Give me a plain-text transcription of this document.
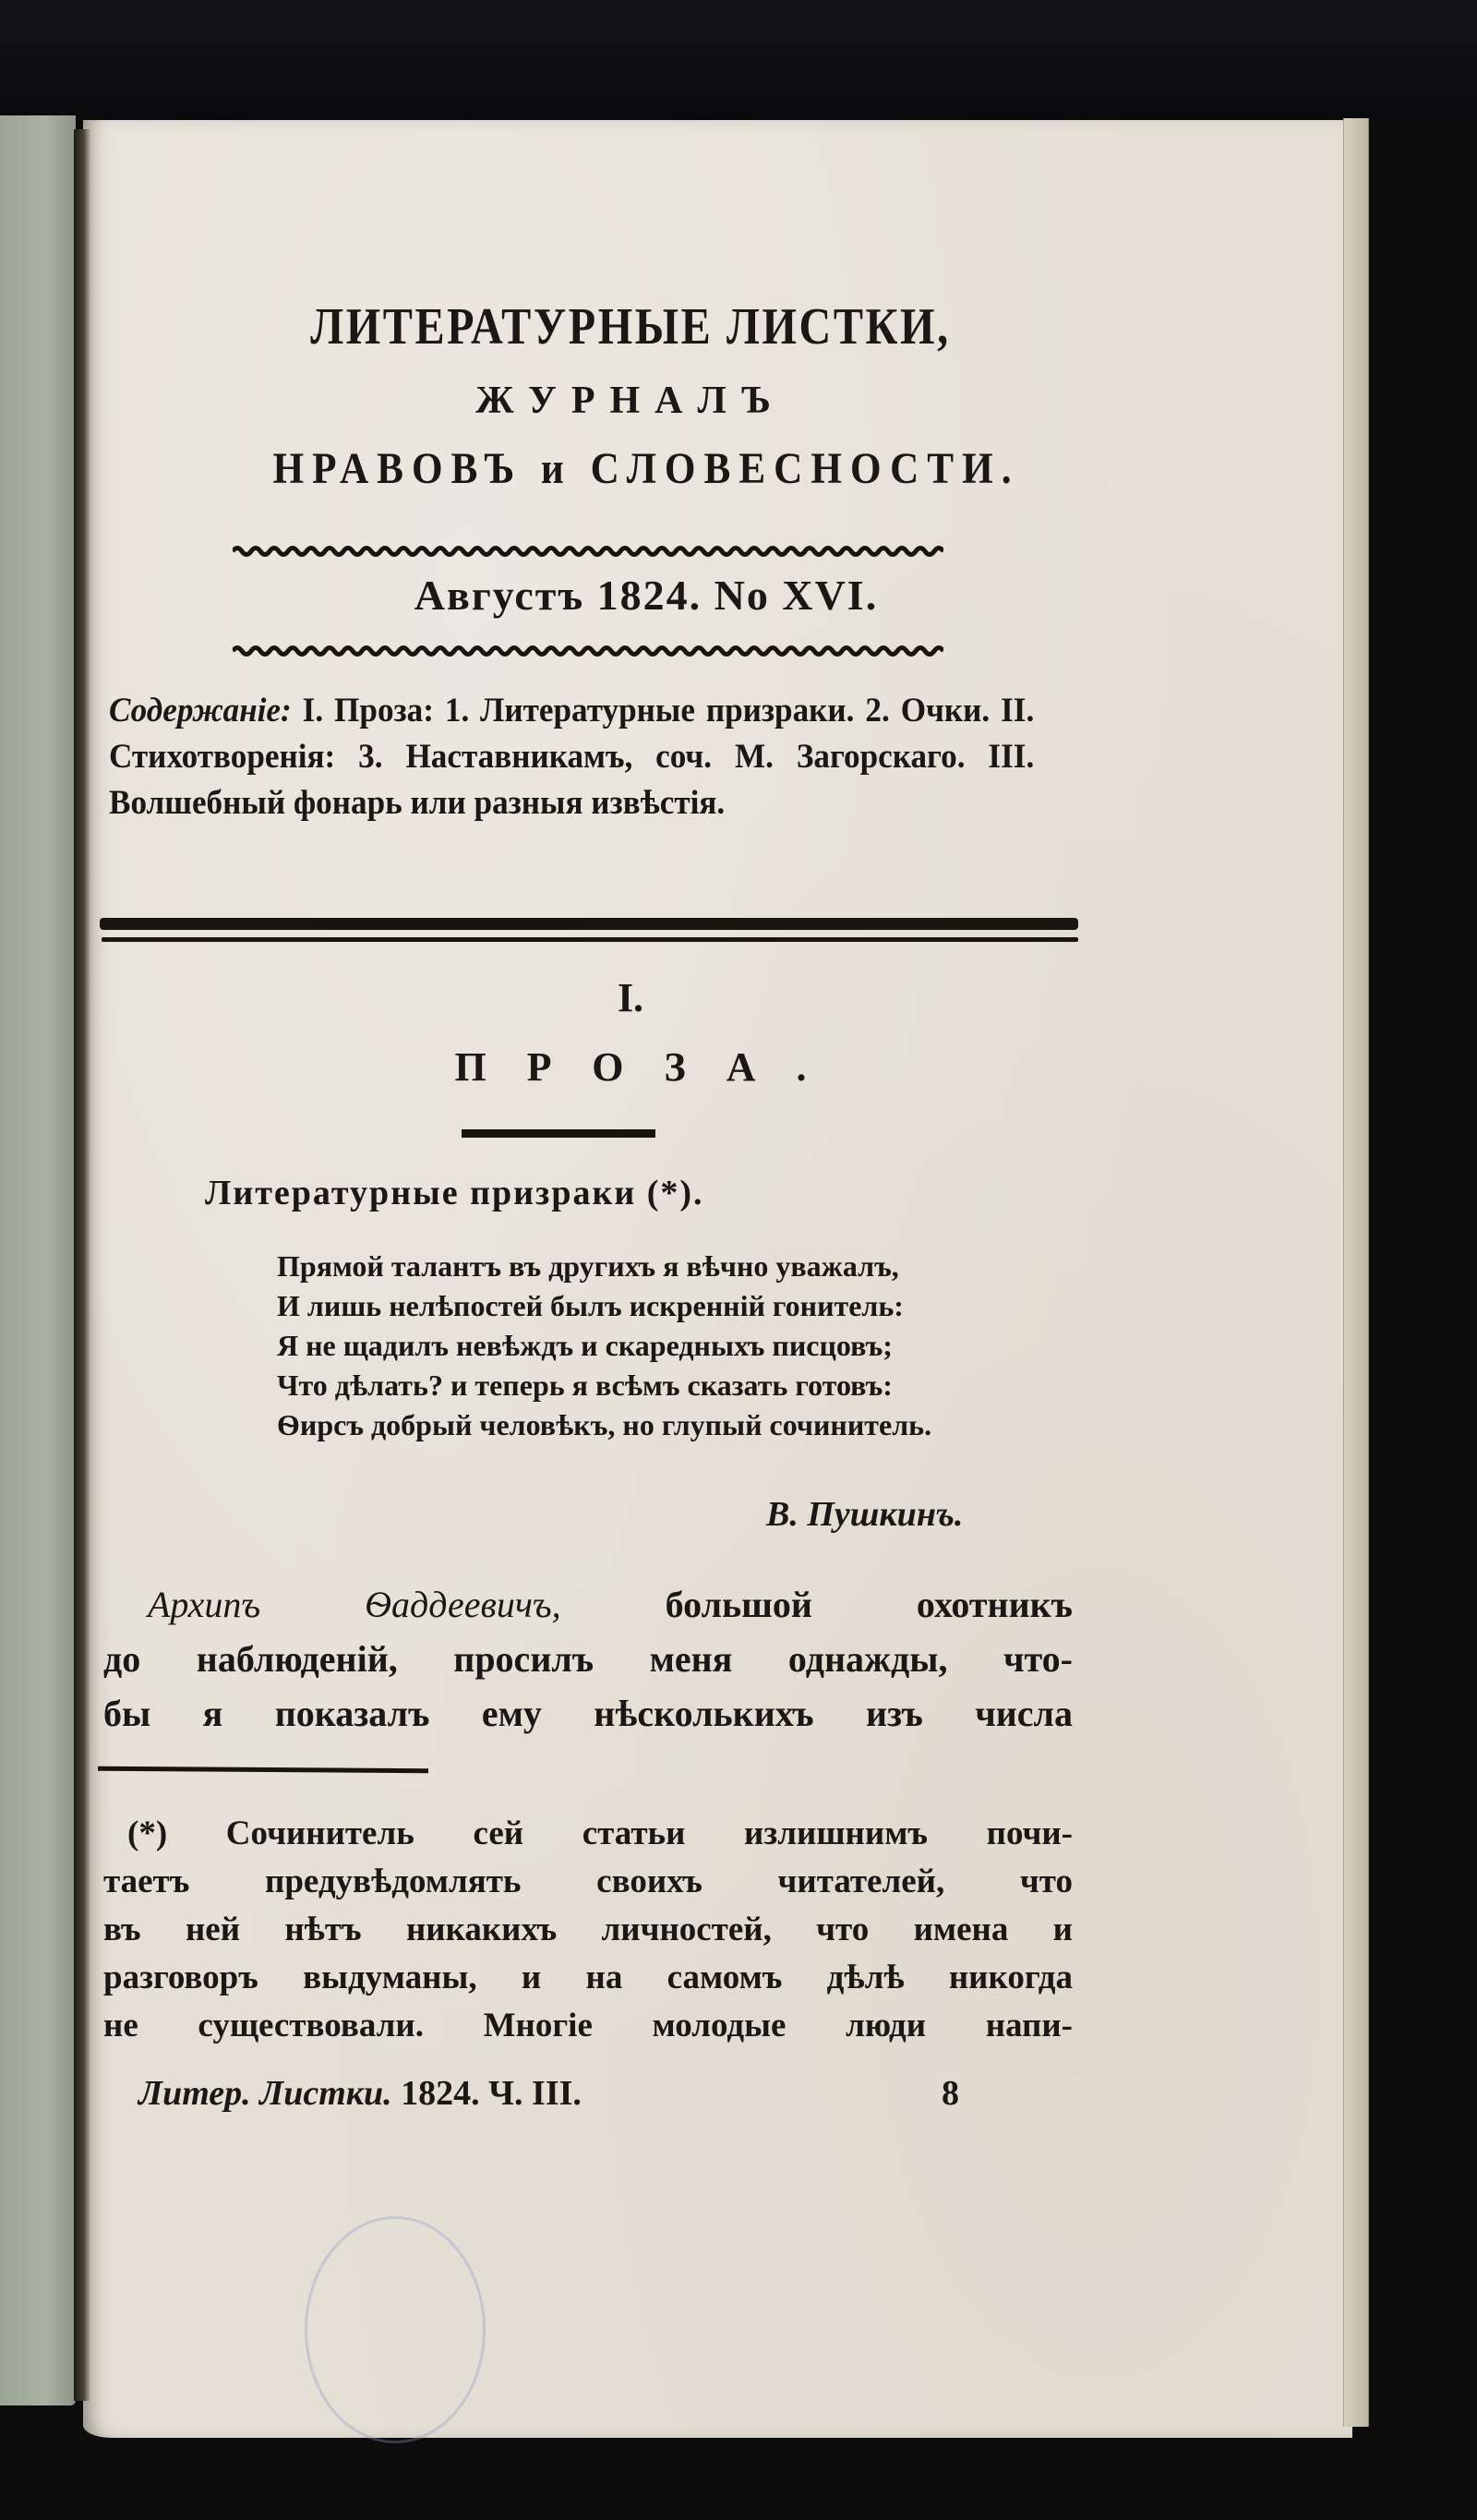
ЛИТЕРАТУРНЫЕ ЛИСТКИ,
ЖУРНАЛЪ
НРАВОВЪ и СЛОВЕСНОСТИ.
Августъ 1824. No XVI.
Содержаніе: I. Проза: 1. Литературные призраки. 2. Очки. II. Стихотворенія: 3. Наставникамъ, соч. М. Загорскаго. III. Волшебный фонарь или разныя извѣстія.
I.
ПРОЗА.
Литературные призраки (*).
Прямой талантъ въ другихъ я вѣчно уважалъ,
И лишь нелѣпостей былъ искренній гонитель:
Я не щадилъ невѣждъ и скаредныхъ писцовъ;
Что дѣлать? и теперь я всѣмъ сказать готовъ:
Ѳирсъ добрый человѣкъ, но глупый сочинитель.
В. Пушкинъ.
Архипъ Ѳаддеевичъ,	большой охотникъ
до наблюденій, просилъ меня однажды, что-
бы я показалъ ему нѣсколькихъ изъ числа
(*) Сочинитель сей статьи излишнимъ почи-
таетъ предувѣдомлять своихъ читателей, что
въ ней нѣтъ никакихъ личностей, что имена и
разговоръ выдуманы, и на самомъ дѣлѣ никогда
не существовали. Многіе молодые люди напи-
Литер. Листки. 1824. Ч. III.	8
